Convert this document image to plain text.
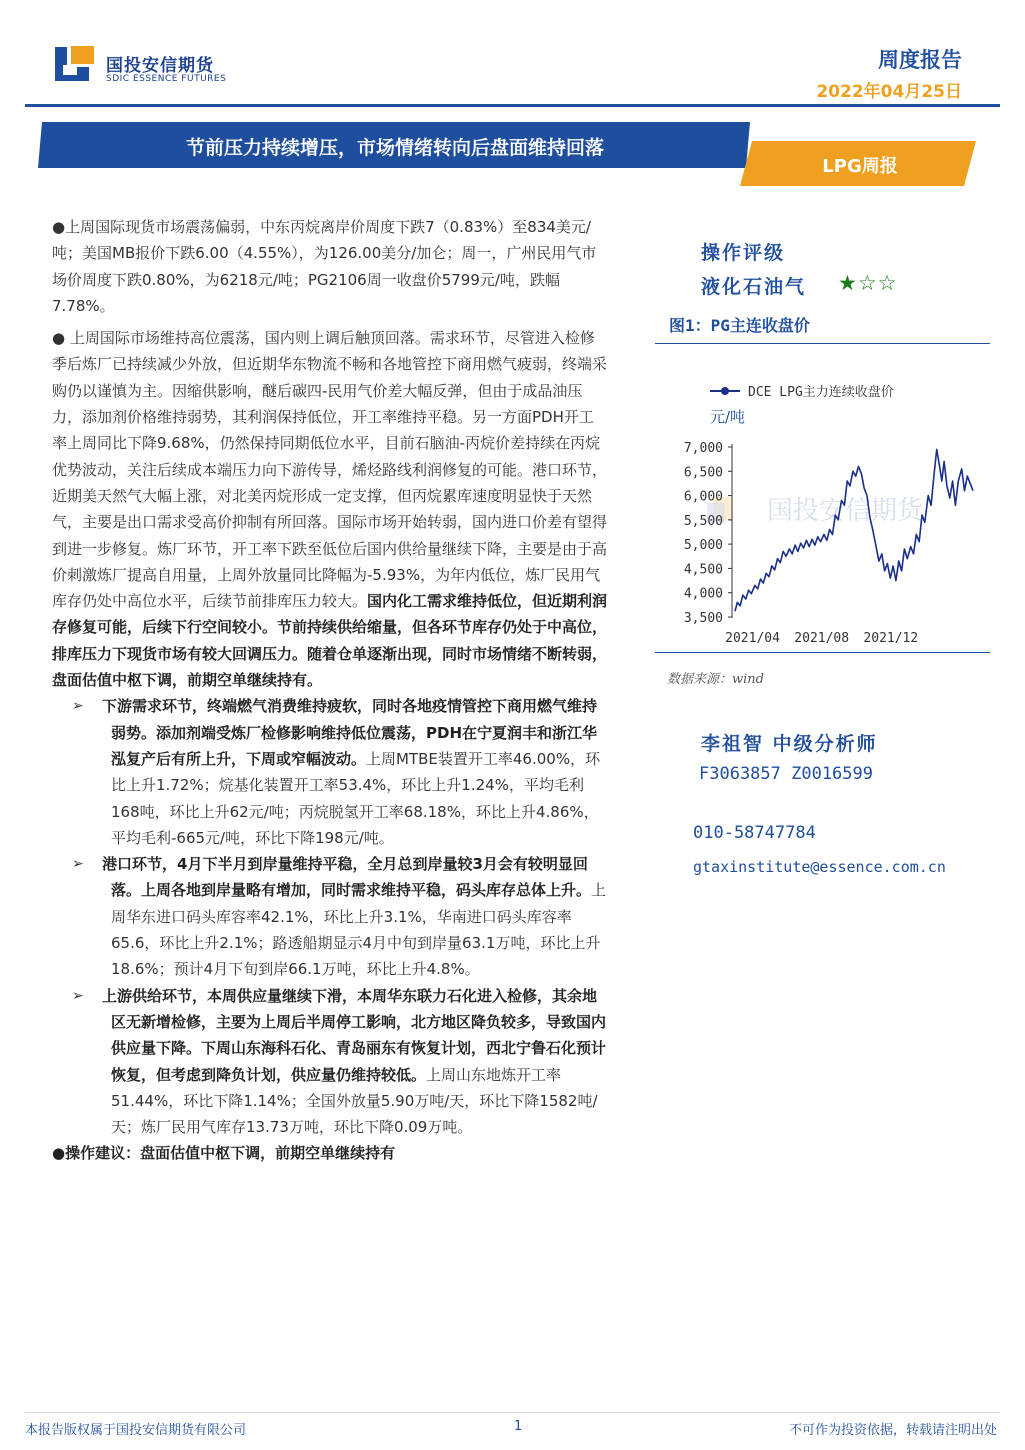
国投安信期货
SDIC ESSENCE FUTURES
周度报告
2022年04月25日
节前压力持续增压，市场情绪转向后盘面维持回落
LPG周报

●上周国际现货市场震荡偏弱，中东丙烷离岸价周度下跌7（0.83%）至834美元/吨；美国MB报价下跌6.00（4.55%），为126.00美分/加仑；周一，广州民用气市场价周度下跌0.80%，为6218元/吨；PG2106周一收盘价5799元/吨，跌幅7.78%。

● 上周国际市场维持高位震荡，国内则上调后触顶回落。需求环节，尽管进入检修季后炼厂已持续减少外放，但近期华东物流不畅和各地管控下商用燃气疲弱，终端采购仍以谨慎为主。因缩供影响，醚后碳四-民用气价差大幅反弹，但由于成品油压力，添加剂价格维持弱势，其利润保持低位，开工率维持平稳。另一方面PDH开工率上周同比下降9.68%，仍然保持同期低位水平，目前石脑油-丙烷价差持续在丙烷优势波动，关注后续成本端压力向下游传导，烯烃路线利润修复的可能。港口环节，近期美天然气大幅上涨，对北美丙烷形成一定支撑，但丙烷累库速度明显快于天然气，主要是出口需求受高价抑制有所回落。国际市场开始转弱，国内进口价差有望得到进一步修复。炼厂环节，开工率下跌至低位后国内供给量继续下降，主要是由于高价刺激炼厂提高自用量，上周外放量同比降幅为-5.93%，为年内低位，炼厂民用气库存仍处中高位水平，后续节前排库压力较大。国内化工需求维持低位，但近期利润存修复可能，后续下行空间较小。节前持续供给缩量，但各环节库存仍处于中高位，排库压力下现货市场有较大回调压力。随着仓单逐渐出现，同时市场情绪不断转弱，盘面估值中枢下调，前期空单继续持有。

➢ 下游需求环节，终端燃气消费维持疲软，同时各地疫情管控下商用燃气维持弱势。添加剂端受炼厂检修影响维持低位震荡，PDH在宁夏润丰和浙江华泓复产后有所上升，下周或窄幅波动。上周MTBE装置开工率46.00%，环比上升1.72%；烷基化装置开工率53.4%，环比上升1.24%，平均毛利168吨，环比上升62元/吨；丙烷脱氢开工率68.18%，环比上升4.86%，平均毛利-665元/吨，环比下降198元/吨。

➢ 港口环节，4月下半月到岸量维持平稳，全月总到岸量较3月会有较明显回落。上周各地到岸量略有增加，同时需求维持平稳，码头库存总体上升。上周华东进口码头库容率42.1%，环比上升3.1%，华南进口码头库容率65.6，环比上升2.1%；路透船期显示4月中旬到岸量63.1万吨，环比上升18.6%；预计4月下旬到岸66.1万吨，环比上升4.8%。

➢ 上游供给环节，本周供应量继续下滑，本周华东联力石化进入检修，其余地区无新增检修，主要为上周后半周停工影响，北方地区降负较多，导致国内供应量下降。下周山东海科石化、青岛丽东有恢复计划，西北宁鲁石化预计恢复，但考虑到降负计划，供应量仍维持较低。上周山东地炼开工率51.44%，环比下降1.14%；全国外放量5.90万吨/天，环比下降1582吨/天；炼厂民用气库存13.73万吨，环比下降0.09万吨。

●操作建议：盘面估值中枢下调，前期空单继续持有

操作评级
液化石油气 ★☆☆
图1：PG主连收盘价
国投安信期货
DCE LPG主力连续收盘价
元/吨
7,000
6,500
6,000
5,500
5,000
4,500
4,000
3,500
2021/04 2021/08 2021/12
数据来源：wind
李祖智 中级分析师
F3063857 Z0016599
010-58747784
gtaxinstitute@essence.com.cn
本报告版权属于国投安信期货有限公司	1	不可作为投资依据，转载请注明出处
